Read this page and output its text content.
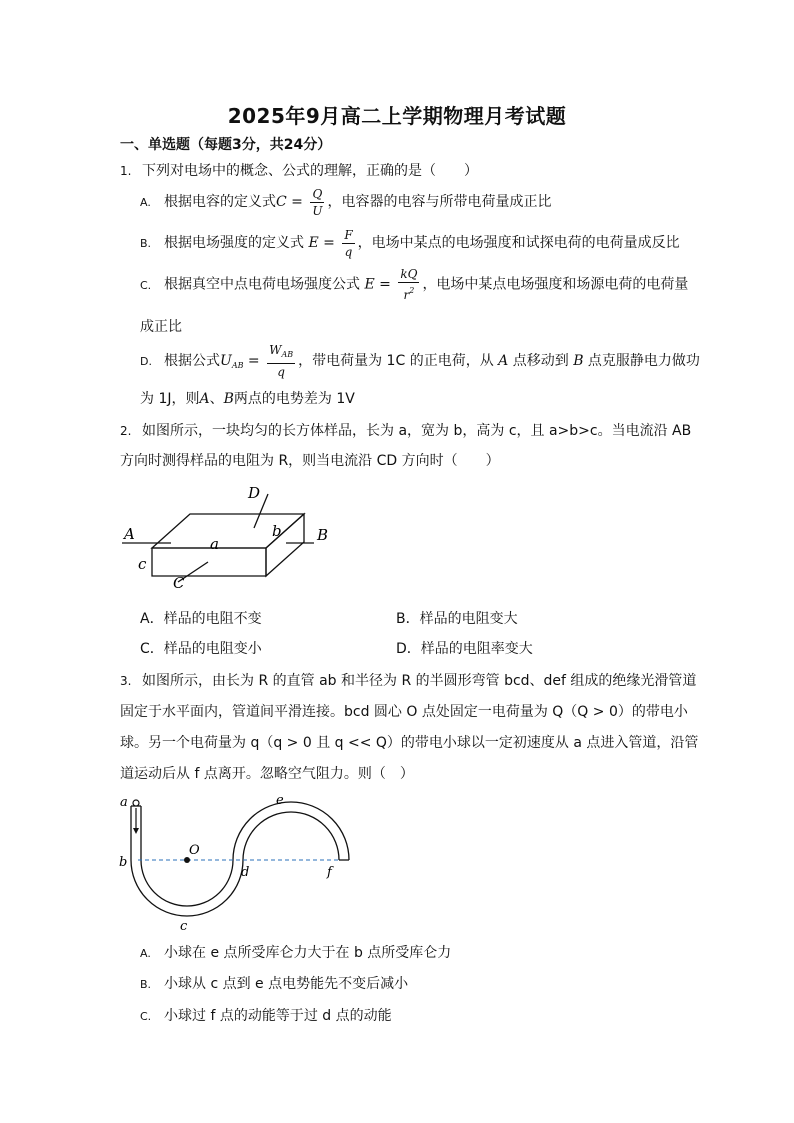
2025年9月高二上学期物理月考试题
一、单选题（每题3分，共24分）
1. 下列对电场中的概念、公式的理解，正确的是（　　）
A. 根据电容的定义式$C = \frac{Q}{U}$ ，电容器的电容与所带电荷量成正比
B. 根据电场强度的定义式 $E = \frac{F}{q}$ ，电场中某点的电场强度和试探电荷的电荷量成反比
C. 根据真空中点电荷电场强度公式 $E = \frac{kQ}{r^2}$ ，电场中某点电场强度和场源电荷的电荷量
成正比
D. 根据公式$U_{AB} = \frac{W_{AB}}{q}$ ，带电荷量为 1C 的正电荷，从 A 点移动到 B 点克服静电力做功
为 1J，则A、B两点的电势差为 1V
2. 如图所示，一块均匀的长方体样品，长为 a，宽为 b，高为 c，且 a>b>c。当电流沿 AB
方向时测得样品的电阻为 R，则当电流沿 CD 方向时（　　）
A	B
D
C
a
b
c
A．样品的电阻不变	B．样品的电阻变大
C．样品的电阻变小	D．样品的电阻率变大
3. 如图所示，由长为 R 的直管 ab 和半径为 R 的半圆形弯管 bcd、def 组成的绝缘光滑管道
固定于水平面内，管道间平滑连接。bcd 圆心 O 点处固定一电荷量为 Q（Q > 0）的带电小
球。另一个电荷量为 q（q > 0 且 q << Q）的带电小球以一定初速度从 a 点进入管道，沿管
道运动后从 f 点离开。忽略空气阻力。则（　）
a
b
c
d
e
f
O
A. 小球在 e 点所受库仑力大于在 b 点所受库仑力
B. 小球从 c 点到 e 点电势能先不变后减小
C. 小球过 f 点的动能等于过 d 点的动能
